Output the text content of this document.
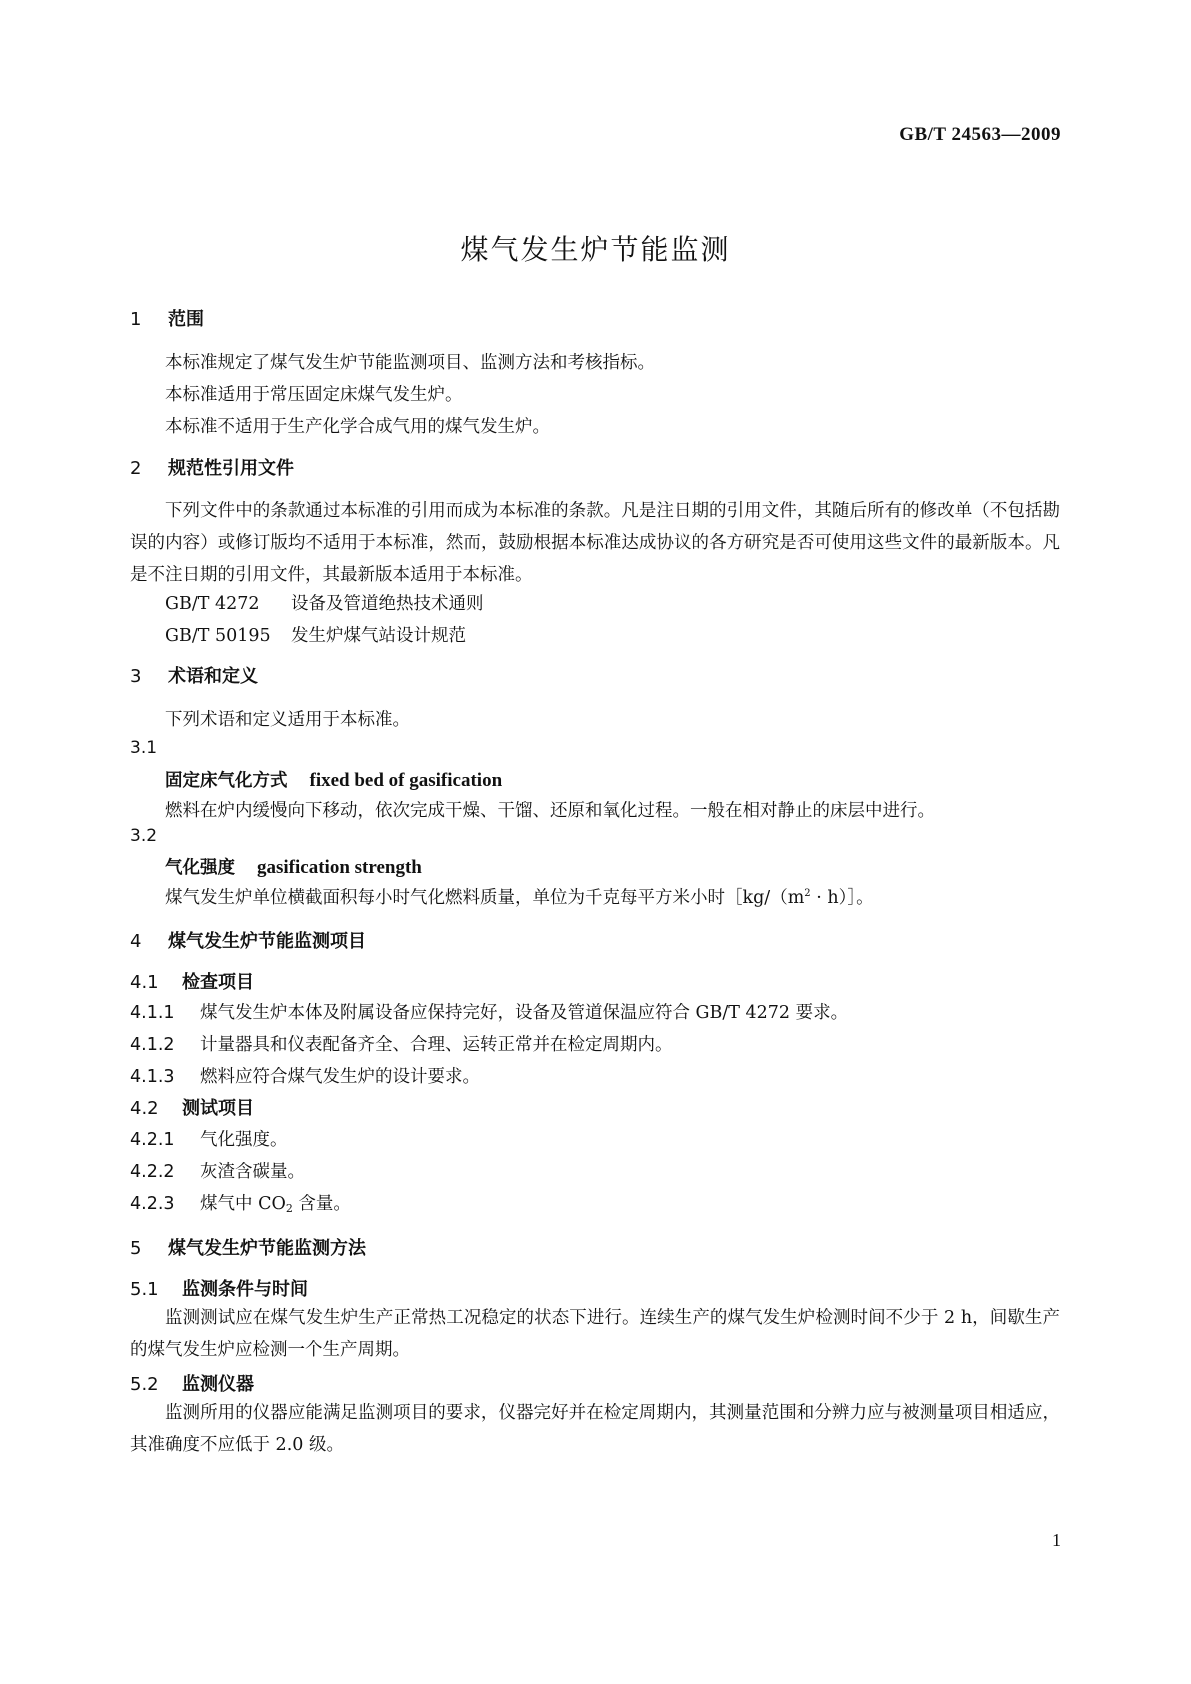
GB/T 24563—2009
煤气发生炉节能监测
1 范围
本标准规定了煤气发生炉节能监测项目、监测方法和考核指标。
本标准适用于常压固定床煤气发生炉。
本标准不适用于生产化学合成气用的煤气发生炉。
2 规范性引用文件
下列文件中的条款通过本标准的引用而成为本标准的条款。凡是注日期的引用文件，其随后所有的修改单（不包括勘误的内容）或修订版均不适用于本标准，然而，鼓励根据本标准达成协议的各方研究是否可使用这些文件的最新版本。凡是不注日期的引用文件，其最新版本适用于本标准。
GB/T 4272 设备及管道绝热技术通则
GB/T 50195 发生炉煤气站设计规范
3 术语和定义
下列术语和定义适用于本标准。
3.1
固定床气化方式 fixed bed of gasification
燃料在炉内缓慢向下移动，依次完成干燥、干馏、还原和氧化过程。一般在相对静止的床层中进行。
3.2
气化强度 gasification strength
煤气发生炉单位横截面积每小时气化燃料质量，单位为千克每平方米小时$[kg/(m^2$ · h）］。
4 煤气发生炉节能监测项目
4.1 检查项目
4.1.1 煤气发生炉本体及附属设备应保持完好，设备及管道保温应符合 GB/T 4272 要求。
4.1.2 计量器具和仪表配备齐全、合理、运转正常并在检定周期内。
4.1.3 燃料应符合煤气发生炉的设计要求。
4.2 测试项目
4.2.1 气化强度。
4.2.2 灰渣含碳量。
4.2.3 煤气中 $CO_2$ 含量。
5 煤气发生炉节能监测方法
5.1 监测条件与时间
监测测试应在煤气发生炉生产正常热工况稳定的状态下进行。连续生产的煤气发生炉检测时间不少于 2 h，间歇生产的煤气发生炉应检测一个生产周期。
5.2 监测仪器
监测所用的仪器应能满足监测项目的要求，仪器完好并在检定周期内，其测量范围和分辨力应与被测量项目相适应，其准确度不应低于 2.0 级。
1
